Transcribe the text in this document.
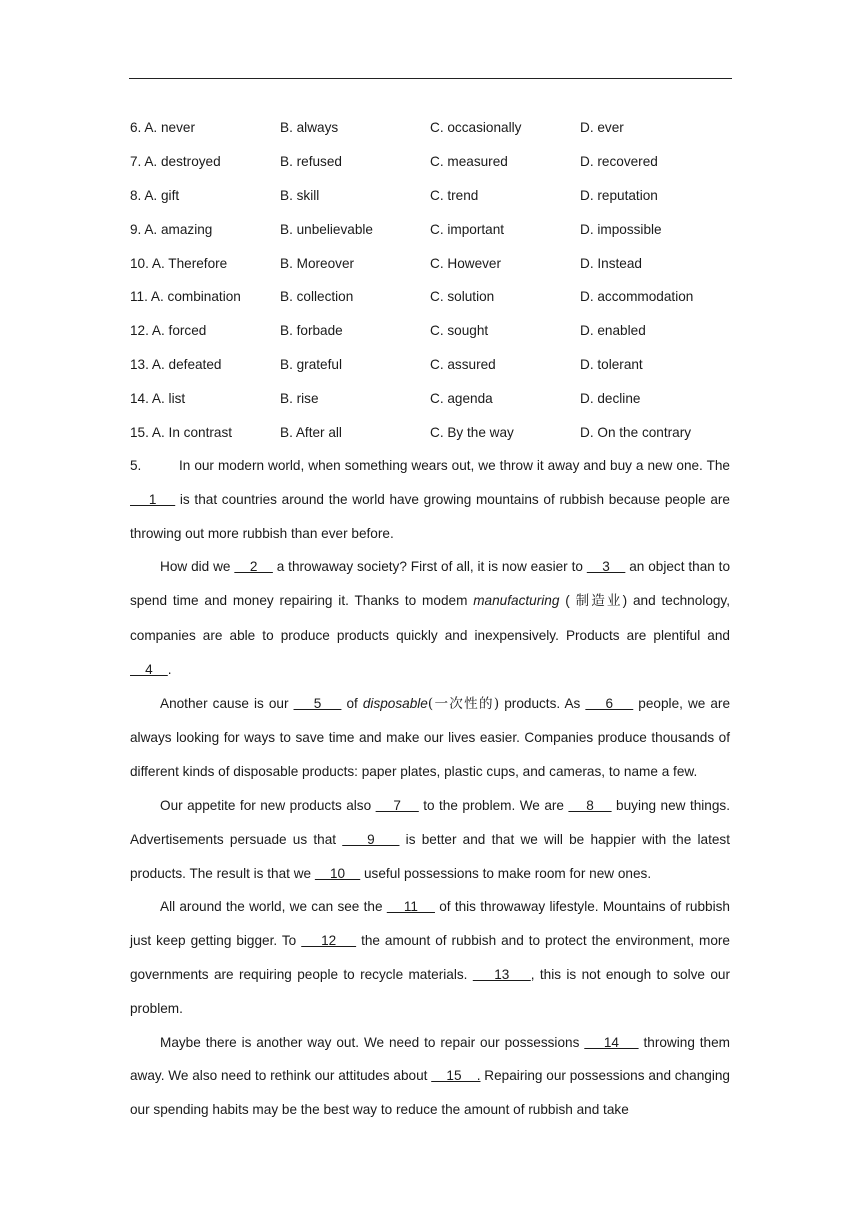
6. A. never	B. always	C. occasionally	D. ever
7. A. destroyed	B. refused	C. measured	D. recovered
8. A. gift	B. skill	C. trend	D. reputation
9. A. amazing	B. unbelievable	C. important	D. impossible
10. A. Therefore	B. Moreover	C. However	D. Instead
11. A. combination	B. collection	C. solution	D. accommodation
12. A. forced	B. forbade	C. sought	D. enabled
13. A. defeated	B. grateful	C. assured	D. tolerant
14. A. list	B. rise	C. agenda	D. decline
15. A. In contrast	B. After all	C. By the way	D. On the contrary

5.	In our modern world, when something wears out, we throw it away and buy a new one. The     1     is that countries around the world have growing mountains of rubbish because people are throwing out more rubbish than ever before.

How did we     2     a throwaway society? First of all, it is now easier to     3     an object than to spend time and money repairing it. Thanks to modem manufacturing ( 制造业) and technology, companies are able to produce products quickly and inexpensively. Products are plentiful and     4    .

Another cause is our     5     of disposable(一次性的) products. As     6     people, we are always looking for ways to save time and make our lives easier. Companies produce thousands of different kinds of disposable products: paper plates, plastic cups, and cameras, to name a few.

Our appetite for new products also     7     to the problem. We are     8     buying new things. Advertisements persuade us that     9     is better and that we will be happier with the latest products. The result is that we     10     useful possessions to make room for new ones.

All around the world, we can see the     11     of this throwaway lifestyle. Mountains of rubbish just keep getting bigger. To     12     the amount of rubbish and to protect the environment, more governments are requiring people to recycle materials.     13    , this is not enough to solve our problem.

Maybe there is another way out. We need to repair our possessions     14     throwing them away. We also need to rethink our attitudes about     15    . Repairing our possessions and changing our spending habits may be the best way to reduce the amount of rubbish and take
